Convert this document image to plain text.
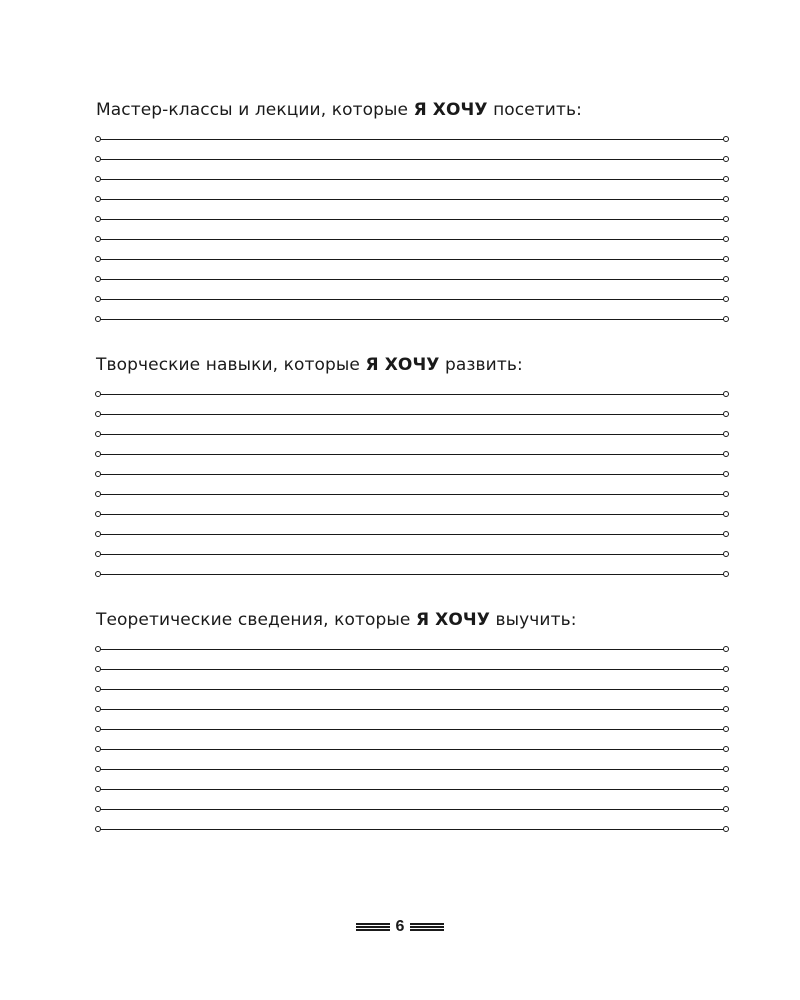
Мастер-классы и лекции, которые Я ХОЧУ посетить:

Творческие навыки, которые Я ХОЧУ развить:

Теоретические сведения, которые Я ХОЧУ выучить:

6
